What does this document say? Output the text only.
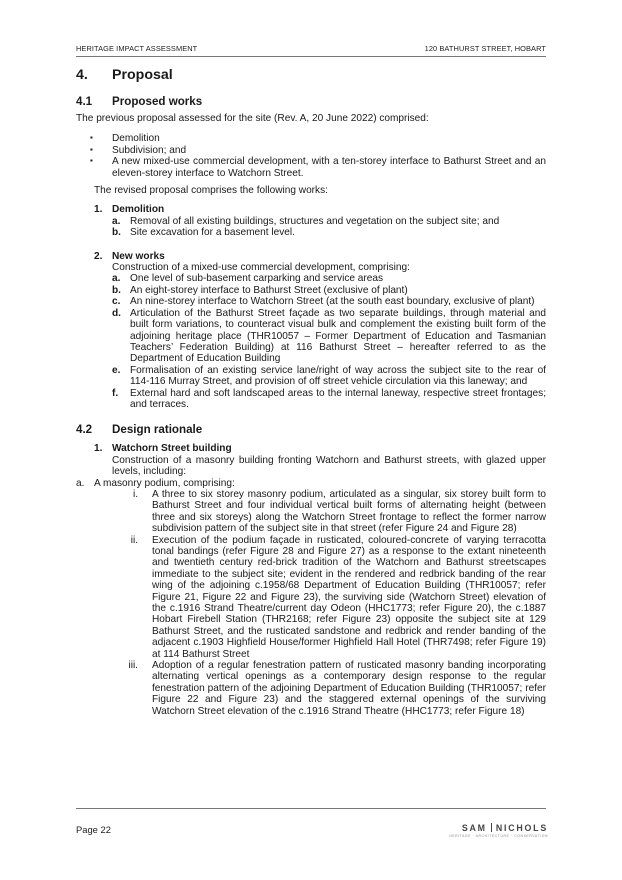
HERITAGE IMPACT ASSESSMENT	120 BATHURST STREET, HOBART
4. Proposal
4.1 Proposed works

The previous proposal assessed for the site (Rev. A, 20 June 2022) comprised:

▪ Demolition
▪ Subdivision; and
▪ A new mixed-use commercial development, with a ten-storey interface to Bathurst Street and an eleven-storey interface to Watchorn Street.

The revised proposal comprises the following works:

1. Demolition
a. Removal of all existing buildings, structures and vegetation on the subject site; and
b. Site excavation for a basement level.
2. New works
Construction of a mixed-use commercial development, comprising:
a. One level of sub-basement carparking and service areas
b. An eight-storey interface to Bathurst Street (exclusive of plant)
c. An nine-storey interface to Watchorn Street (at the south east boundary, exclusive of plant)
d. Articulation of the Bathurst Street façade as two separate buildings, through material and built form variations, to counteract visual bulk and complement the existing built form of the adjoining heritage place (THR10057 – Former Department of Education and Tasmanian Teachers’ Federation Building) at 116 Bathurst Street – hereafter referred to as the Department of Education Building
e. Formalisation of an existing service lane/right of way across the subject site to the rear of 114-116 Murray Street, and provision of off street vehicle circulation via this laneway; and
f. External hard and soft landscaped areas to the internal laneway, respective street frontages; and terraces.
4.2 Design rationale
1. Watchorn Street building
Construction of a masonry building fronting Watchorn and Bathurst streets, with glazed upper levels, including:
a. A masonry podium, comprising:
i. A three to six storey masonry podium, articulated as a singular, six storey built form to Bathurst Street and four individual vertical built forms of alternating height (between three and six storeys) along the Watchorn Street frontage to reflect the former narrow subdivision pattern of the subject site in that street (refer Figure 24 and Figure 28)
ii. Execution of the podium façade in rusticated, coloured-concrete of varying terracotta tonal bandings (refer Figure 28 and Figure 27) as a response to the extant nineteenth and twentieth century red-brick tradition of the Watchorn and Bathurst streetscapes immediate to the subject site; evident in the rendered and redbrick banding of the rear wing of the adjoining c.1958/68 Department of Education Building (THR10057; refer Figure 21, Figure 22 and Figure 23), the surviving side (Watchorn Street) elevation of the c.1916 Strand Theatre/current day Odeon (HHC1773; refer Figure 20), the c.1887 Hobart Firebell Station (THR2168; refer Figure 23) opposite the subject site at 129 Bathurst Street, and the rusticated sandstone and redbrick and render banding of the adjacent c.1903 Highfield House/former Highfield Hall Hotel (THR7498; refer Figure 19) at 114 Bathurst Street
iii. Adoption of a regular fenestration pattern of rusticated masonry banding incorporating alternating vertical openings as a contemporary design response to the regular fenestration pattern of the adjoining Department of Education Building (THR10057; refer Figure 22 and Figure 23) and the staggered external openings of the surviving Watchorn Street elevation of the c.1916 Strand Theatre (HHC1773; refer Figure 18)
Page 22	SAM NICHOLS
HERITAGE · ARCHITECTURE · CONSERVATION
